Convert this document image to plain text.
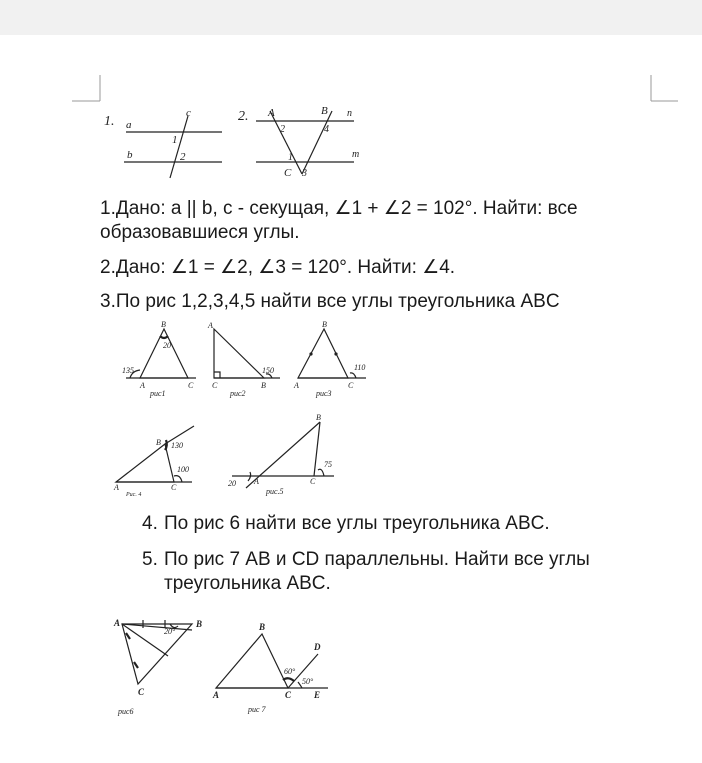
1. a
b
c
1
2
2. A	B n
m
C
2	4
1
3

1.Дано: a || b, c - секущая, ∠1 + ∠2 = 102°. Найти: все образовавшиеся углы.

2.Дано: ∠1 = ∠2, ∠3 = 120°. Найти: ∠4.

3.По рис 1,2,3,4,5 найти все углы треугольника ABC

B
20
135
A	C
рис1
A
150
C	B
рис2
B
110
A	C
рис3
B 130
100
A	C
Рис. 4
B
75
20 A	C
рис.5
4. По рис 6 найти все углы треугольника ABC.
5. По рис 7 AB и CD параллельны. Найти все углы треугольника ABC.
A	B
20°
C
рис6
B
D
60°
50°
A	C	E
рис 7
